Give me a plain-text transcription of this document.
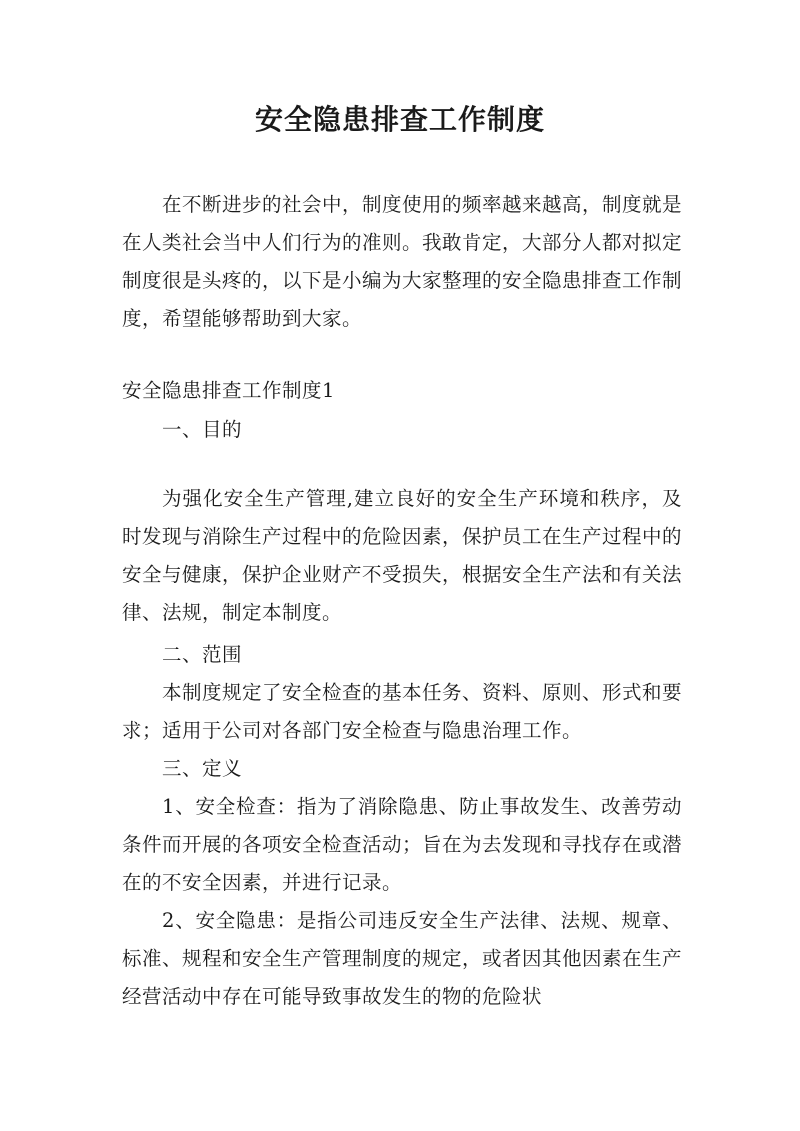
安全隐患排查工作制度
在不断进步的社会中，制度使用的频率越来越高，制度就是在人类社会当中人们行为的准则。我敢肯定，大部分人都对拟定制度很是头疼的，以下是小编为大家整理的安全隐患排查工作制度，希望能够帮助到大家。
安全隐患排查工作制度1
一、目的
为强化安全生产管理,建立良好的安全生产环境和秩序，及时发现与消除生产过程中的危险因素，保护员工在生产过程中的安全与健康，保护企业财产不受损失，根据安全生产法和有关法律、法规，制定本制度。
二、范围
本制度规定了安全检查的基本任务、资料、原则、形式和要求；适用于公司对各部门安全检查与隐患治理工作。
三、定义
1、安全检查：指为了消除隐患、防止事故发生、改善劳动条件而开展的各项安全检查活动；旨在为去发现和寻找存在或潜在的不安全因素，并进行记录。
2、安全隐患：是指公司违反安全生产法律、法规、规章、标准、规程和安全生产管理制度的规定，或者因其他因素在生产经营活动中存在可能导致事故发生的物的危险状
